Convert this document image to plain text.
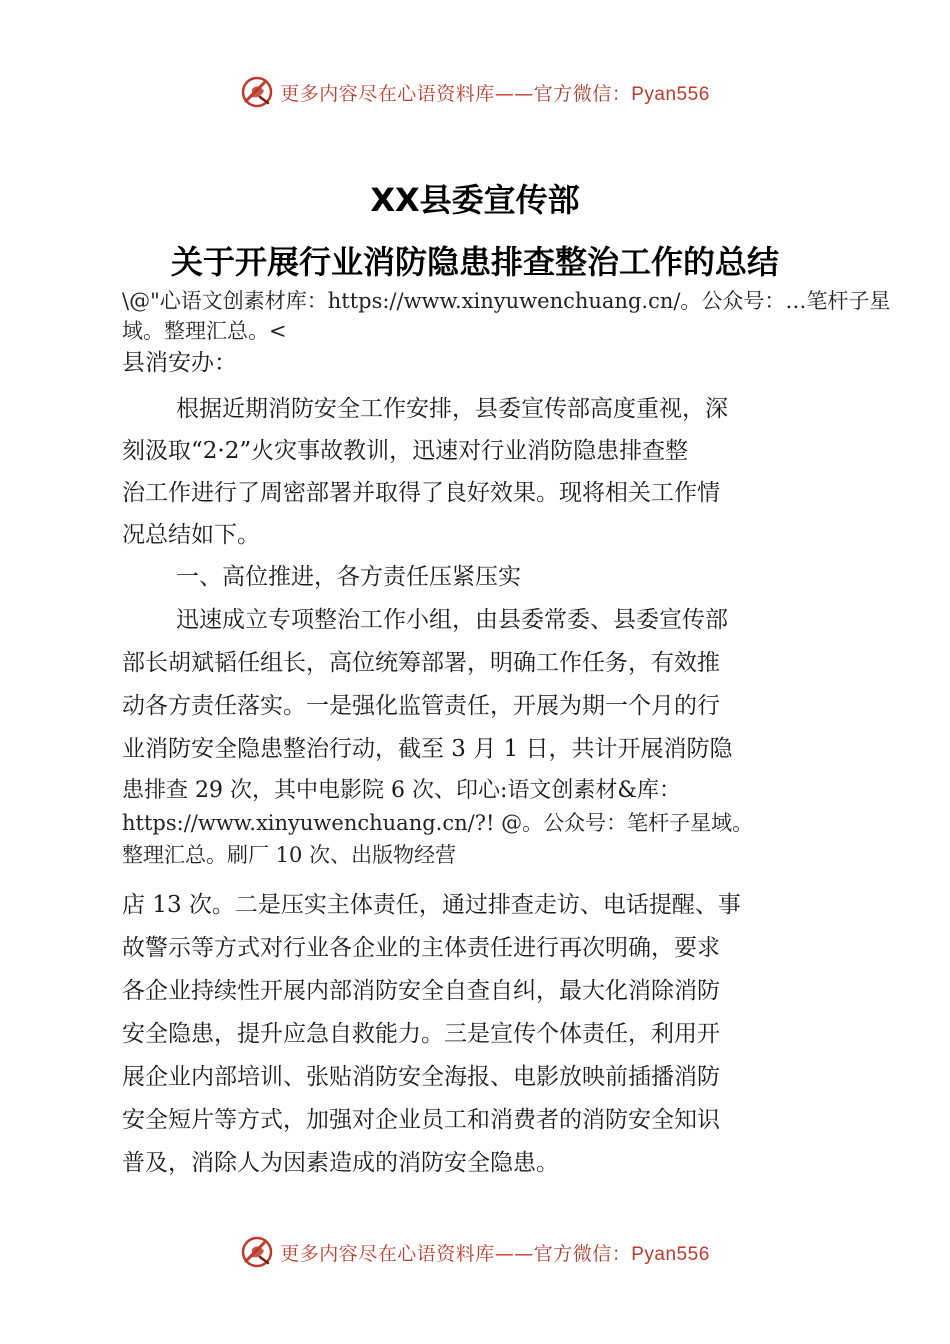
更多内容尽在心语资料库——官方微信：Pyan556
XX县委宣传部
关于开展行业消防隐患排查整治工作的总结
\@"心语文创素材库：https://www.xinyuwenchuang.cn/。公众号：…笔杆子星域。整理汇总。<
县消安办：
根据近期消防安全工作安排，县委宣传部高度重视，深
刻汲取“2·2”火灾事故教训，迅速对行业消防隐患排查整
治工作进行了周密部署并取得了良好效果。现将相关工作情
况总结如下。
一、高位推进，各方责任压紧压实
迅速成立专项整治工作小组，由县委常委、县委宣传部
部长胡斌韬任组长，高位统筹部署，明确工作任务，有效推
动各方责任落实。一是强化监管责任，开展为期一个月的行
业消防安全隐患整治行动，截至 3 月 1 日，共计开展消防隐
患排查 29 次，其中电影院 6 次、印心:语文创素材&库：
https://www.xinyuwenchuang.cn/?! @。公众号：笔杆子星域。
整理汇总。刷厂 10 次、出版物经营
店 13 次。二是压实主体责任，通过排查走访、电话提醒、事
故警示等方式对行业各企业的主体责任进行再次明确，要求
各企业持续性开展内部消防安全自查自纠，最大化消除消防
安全隐患，提升应急自救能力。三是宣传个体责任，利用开
展企业内部培训、张贴消防安全海报、电影放映前插播消防
安全短片等方式，加强对企业员工和消费者的消防安全知识
普及，消除人为因素造成的消防安全隐患。
更多内容尽在心语资料库——官方微信：Pyan556
